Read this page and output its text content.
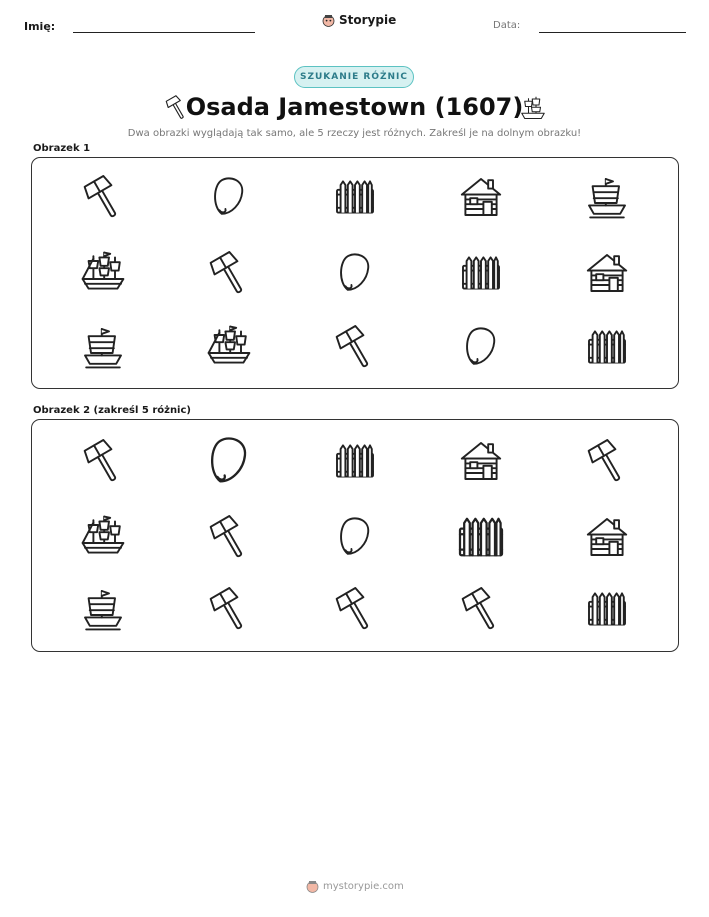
Imię:	Storypie	Data:
SZUKANIE RÓŻNIC
Osada Jamestown (1607)
Dwa obrazki wyglądają tak samo, ale 5 rzeczy jest różnych. Zakreśl je na dolnym obrazku!
Obrazek 1
Obrazek 2 (zakreśl 5 różnic)
mystorypie.com
